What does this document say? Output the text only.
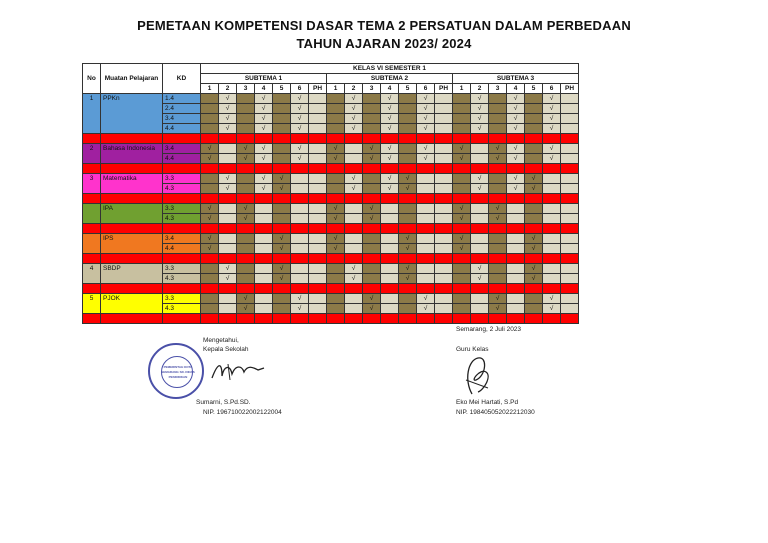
PEMETAAN KOMPETENSI DASAR TEMA 2 PERSATUAN DALAM PERBEDAAN
TAHUN AJARAN 2023/ 2024
No	Muatan Pelajaran	KD	KELAS VI SEMESTER 1																				
			SUBTEMA 1							SUBTEMA 2							SUBTEMA 3						
			1	2	3	4	5	6	PH	1	2	3	4	5	6	PH	1	2	3	4	5	6	PH
1	PPKn	1.4		√		√		√			√		√		√			√		√		√	
		2.4		√		√		√			√		√		√			√		√		√	
		3.4		√		√		√			√		√		√			√		√		√	
		4.4		√		√		√			√		√		√			√		√		√	

2	Bahasa Indonesia	3.4	√		√	√		√		√		√	√		√		√		√	√		√	
		4.4	√		√	√		√		√		√	√		√		√		√	√		√	

3	Matematika	3.3		√		√	√				√		√	√				√		√	√		
		4.3		√		√	√				√		√	√				√		√	√		

	IPA	3.3	√		√					√		√					√		√				
		4.3	√		√					√		√					√		√				

	IPS	3.4	√				√			√				√			√				√		
		4.4	√				√			√				√			√				√		

4	SBDP	3.3		√			√				√			√				√			√		
		4.3		√			√				√			√				√			√		

5	PJOK	3.3			√			√				√			√				√			√	
		4.3			√			√				√			√				√			√	

Mengetahui,
Kepala Sekolah
PEMERINTAH KOTA SEMARANG SD. DINAS PENDIDIKAN
Sumarni, S.Pd.SD.
NIP. 196710022002122004
Semarang, 2 Juli 2023
Guru Kelas
Eko Mei Hartati, S.Pd
NIP. 198405052022212030
